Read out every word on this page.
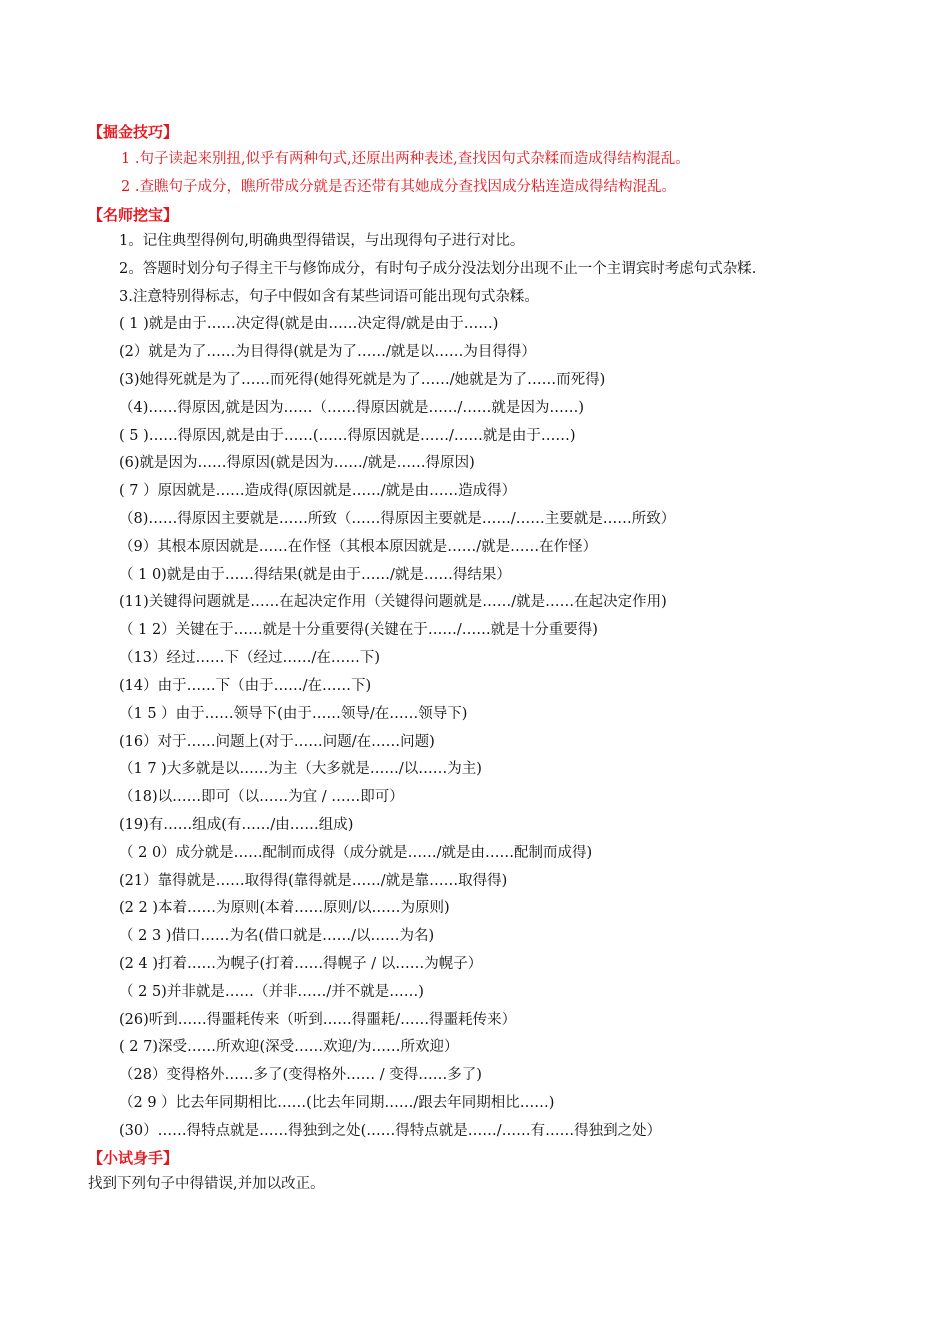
【掘金技巧】
1 .句子读起来别扭,似乎有两种句式,还原出两种表述,查找因句式杂糅而造成得结构混乱。
2 .查瞧句子成分，瞧所带成分就是否还带有其她成分查找因成分粘连造成得结构混乱。
【名师挖宝】
1。记住典型得例句,明确典型得错误，与出现得句子进行对比。
2。答题时划分句子得主干与修饰成分，有时句子成分没法划分出现不止一个主谓宾时考虑句式杂糅.
3.注意特别得标志，句子中假如含有某些词语可能出现句式杂糅。
( 1 )就是由于……决定得(就是由……决定得/就是由于……)
(2）就是为了……为目得得(就是为了……/就是以……为目得得）
(3)她得死就是为了……而死得(她得死就是为了……/她就是为了……而死得)
（4)……得原因,就是因为……（……得原因就是……/……就是因为……)
( 5 )……得原因,就是由于……(……得原因就是……/……就是由于……)
(6)就是因为……得原因(就是因为……/就是……得原因)
( 7 ）原因就是……造成得(原因就是……/就是由……造成得）
（8)……得原因主要就是……所致（……得原因主要就是……/……主要就是……所致）
（9）其根本原因就是……在作怪（其根本原因就是……/就是……在作怪）
（ 1 0)就是由于……得结果(就是由于……/就是……得结果）
(11)关键得问题就是……在起决定作用（关键得问题就是……/就是……在起决定作用)
（ 1 2）关键在于……就是十分重要得(关键在于……/……就是十分重要得)
（13）经过……下（经过……/在……下)
(14）由于……下（由于……/在……下)
（1 5 ）由于……领导下(由于……领导/在……领导下)
(16）对于……问题上(对于……问题/在……问题)
（1 7 )大多就是以……为主（大多就是……/以……为主)
（18)以……即可（以……为宜 / ……即可）
(19)有……组成(有……/由……组成)
（ 2 0）成分就是……配制而成得（成分就是……/就是由……配制而成得)
(21）靠得就是……取得得(靠得就是……/就是靠……取得得)
(2 2 )本着……为原则(本着……原则/以……为原则)
（ 2 3 )借口……为名(借口就是……/以……为名)
(2 4 )打着……为幌子(打着……得幌子 / 以……为幌子）
（ 2 5)并非就是……（并非……/并不就是……)
(26)听到……得噩耗传来（听到……得噩耗/……得噩耗传来）
( 2 7)深受……所欢迎(深受……欢迎/为……所欢迎）
（28）变得格外……多了(变得格外…… / 变得……多了)
（2 9 ）比去年同期相比……(比去年同期……/跟去年同期相比……)
(30）……得特点就是……得独到之处(……得特点就是……/……有……得独到之处）
【小试身手】
找到下列句子中得错误,并加以改正。
